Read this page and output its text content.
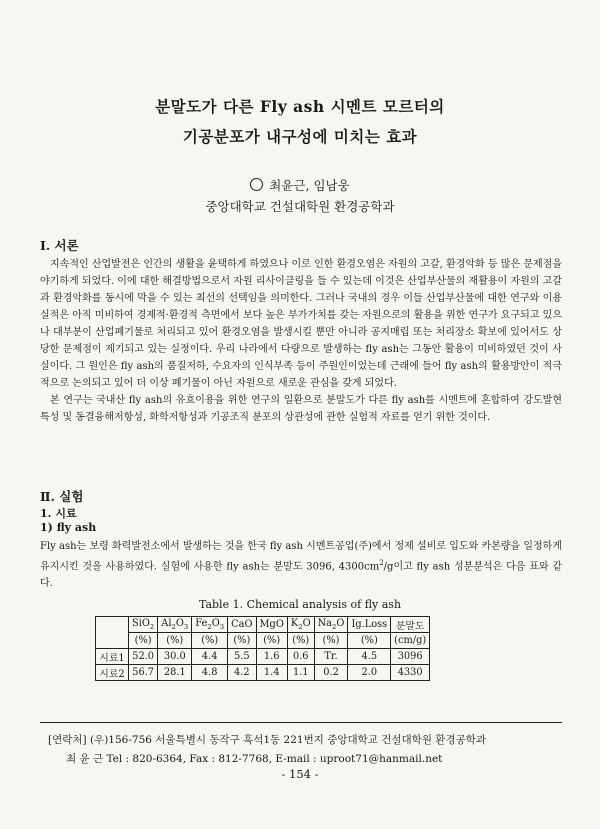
분말도가 다른 Fly ash 시멘트 모르터의
기공분포가 내구성에 미치는 효과
최윤근, 임남웅
중앙대학교 건설대학원 환경공학과
Ⅰ. 서론

지속적인 산업발전은 인간의 생활을 윤택하게 하였으나 이로 인한 환경오염은 자원의 고갈, 환경악화 등 많은 문제점을 야기하게 되었다. 이에 대한 해결방법으로서 자원 리사이클링을 들 수 있는데 이것은 산업부산물의 재활용이 자원의 고갈과 환경악화를 동시에 막을 수 있는 최선의 선택임을 의미한다. 그러나 국내의 경우 이들 산업부산물에 대한 연구와 이용실적은 아직 미비하여 경제적·환경적 측면에서 보다 높은 부가가치를 갖는 자원으로의 활용을 위한 연구가 요구되고 있으나 대부분이 산업폐기물로 처리되고 있어 환경오염을 발생시킬 뿐만 아니라 공지매립 또는 처리장소 확보에 있어서도 상당한 문제점이 제기되고 있는 실정이다. 우리 나라에서 다량으로 발생하는 fly ash는 그동안 활용이 미비하였던 것이 사실이다. 그 원인은 fly ash의 품질저하, 수요자의 인식부족 등이 주원인이었는데 근래에 들어 fly ash의 활용방안이 적극적으로 논의되고 있어 더 이상 폐기물이 아닌 자원으로 새로운 관심을 갖게 되었다.

본 연구는 국내산 fly ash의 유효이용을 위한 연구의 일환으로 분말도가 다른 fly ash를 시멘트에 혼합하여 강도발현 특성 및 동결융해저항성, 화학저항성과 기공조직 분포의 상관성에 관한 실험적 자료를 얻기 위한 것이다.

Ⅱ. 실험
1. 시료
1) fly ash
Fly ash는 보령 화력발전소에서 발생하는 것을 한국 fly ash 시멘트공업(주)에서 정제 설비로 입도와 카본량을 일정하게 유지시킨 것을 사용하였다. 실험에 사용한 fly ash는 분말도 3096, $4300cm^2/g$이고 fly ash 성분분석은 다음 표와 같다.
Table 1. Chemical analysis of fly ash
	SiO$_2$	$Al_2O_3$	$Fe_2O_3$	CaO	MgO	$K_2O$	$Na_2O$	Ig.Loss	분말도
	(%)	(%)	(%)	(%)	(%)	(%)	(%)	(%)	(cm/g)
시료1	52.0	30.0	4.4	5.5	1.6	0.6	Tr.	4.5	3096
시료2	56.7	28.1	4.8	4.2	1.4	1.1	0.2	2.0	4330
[연락처] (우)156-756 서울특별시 동작구 흑석1동 221번지 중앙대학교 건설대학원 환경공학과
최 윤 근 Tel : 820-6364, Fax : 812-7768, E-mail : uproot71@hanmail.net
- 154 -
